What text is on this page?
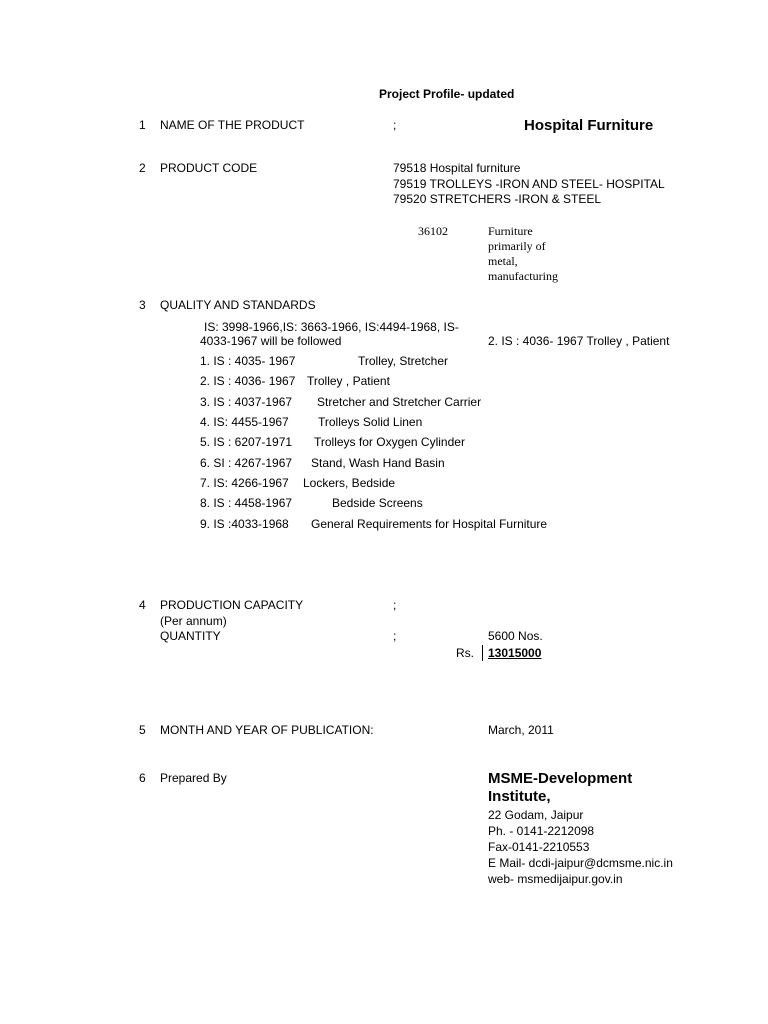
Project Profile- updated
1 NAME OF THE PRODUCT	;	Hospital Furniture
2 PRODUCT CODE	79518 Hospital furniture
79519 TROLLEYS -IRON AND STEEL- HOSPITAL
79520 STRETCHERS -IRON & STEEL
36102	Furniture
primarily of
metal,
manufacturing
3 QUALITY AND STANDARDS
IS: 3998-1966,IS: 3663-1966, IS:4494-1968, IS-
4033-1967 will be followed	2. IS : 4036- 1967 Trolley , Patient
1. IS : 4035- 1967	Trolley, Stretcher
2. IS : 4036- 1967 Trolley , Patient
3. IS : 4037-1967 Stretcher and Stretcher Carrier
4. IS: 4455-1967 Trolleys Solid Linen
5. IS : 6207-1971 Trolleys for Oxygen Cylinder
6. SI : 4267-1967 Stand, Wash Hand Basin
7. IS: 4266-1967 Lockers, Bedside
8. IS : 4458-1967	Bedside Screens
9. IS :4033-1968 General Requirements for Hospital Furniture
4 PRODUCTION CAPACITY	;
(Per annum)
QUANTITY	;	5600 Nos.
Rs. 13015000
5 MONTH AND YEAR OF PUBLICATION:	March, 2011
6 Prepared By	MSME-Development
Institute,
22 Godam, Jaipur
Ph. - 0141-2212098
Fax-0141-2210553
E Mail- dcdi-jaipur@dcmsme.nic.in
web- msmedijaipur.gov.in
